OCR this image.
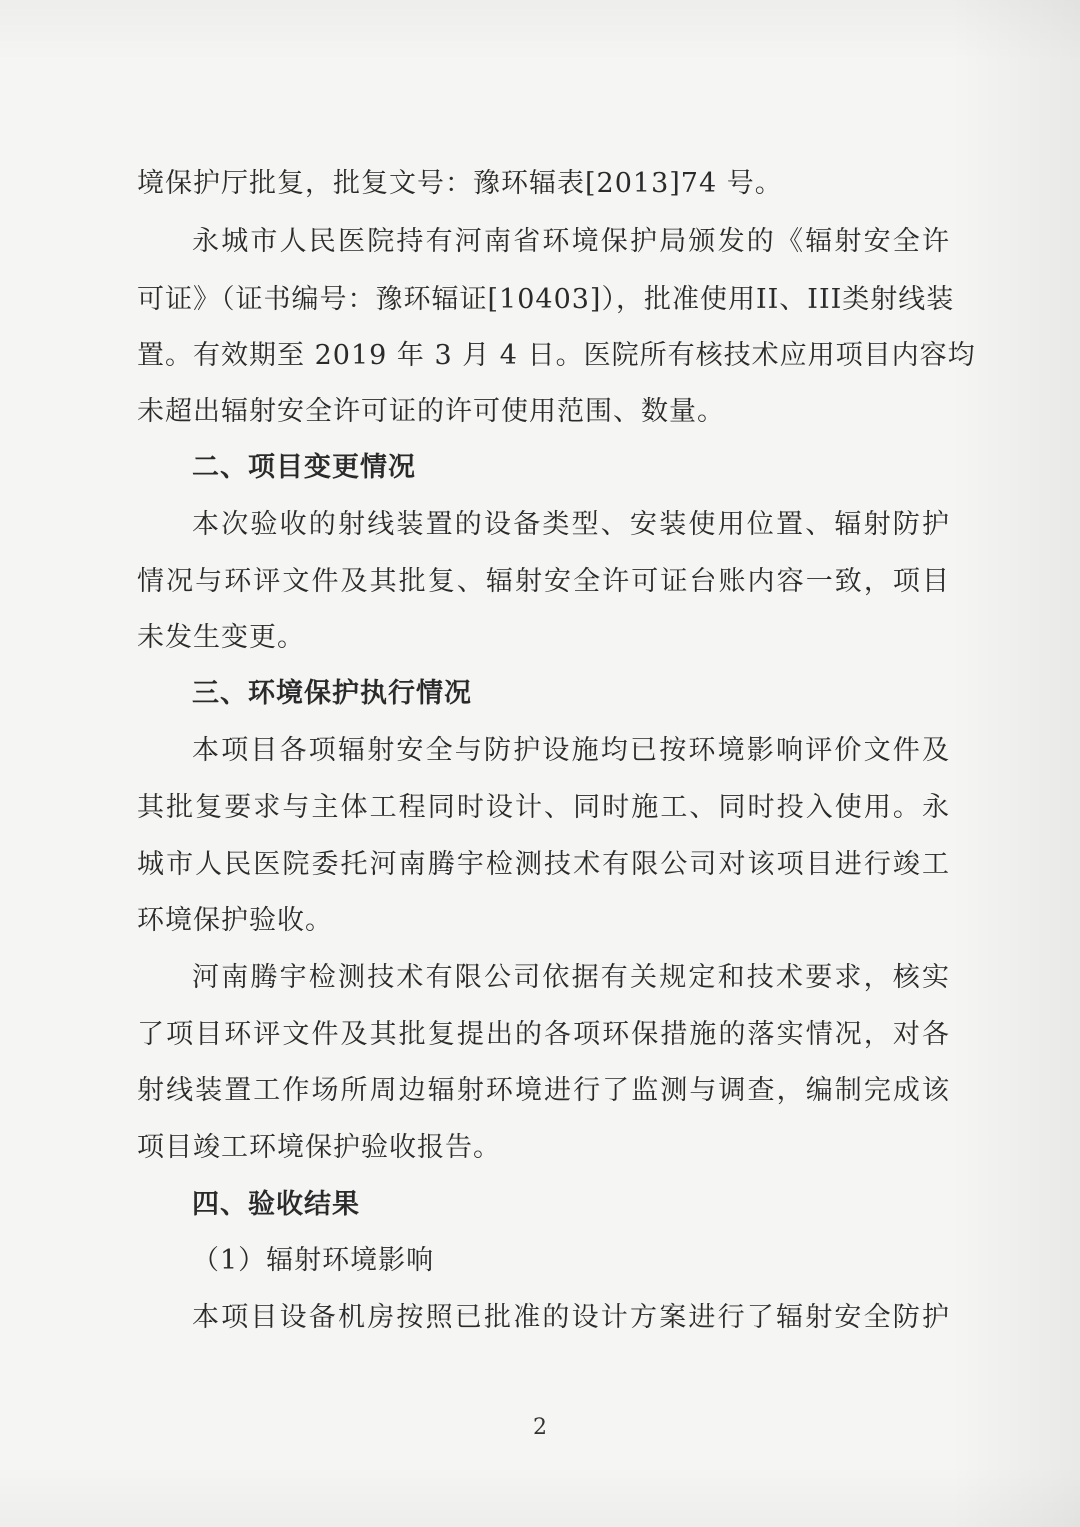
境保护厅批复，批复文号：豫环辐表[2013]74 号。
永城市人民医院持有河南省环境保护局颁发的《辐射安全许
可证》（证书编号：豫环辐证[10403]），批准使用II、III类射线装
置。有效期至 2019 年 3 月 4 日。医院所有核技术应用项目内容均
未超出辐射安全许可证的许可使用范围、数量。
二、项目变更情况
本次验收的射线装置的设备类型、安装使用位置、辐射防护
情况与环评文件及其批复、辐射安全许可证台账内容一致，项目
未发生变更。
三、环境保护执行情况
本项目各项辐射安全与防护设施均已按环境影响评价文件及
其批复要求与主体工程同时设计、同时施工、同时投入使用。永
城市人民医院委托河南腾宇检测技术有限公司对该项目进行竣工
环境保护验收。
河南腾宇检测技术有限公司依据有关规定和技术要求，核实
了项目环评文件及其批复提出的各项环保措施的落实情况，对各
射线装置工作场所周边辐射环境进行了监测与调查，编制完成该
项目竣工环境保护验收报告。
四、验收结果
（1）辐射环境影响
本项目设备机房按照已批准的设计方案进行了辐射安全防护
2
